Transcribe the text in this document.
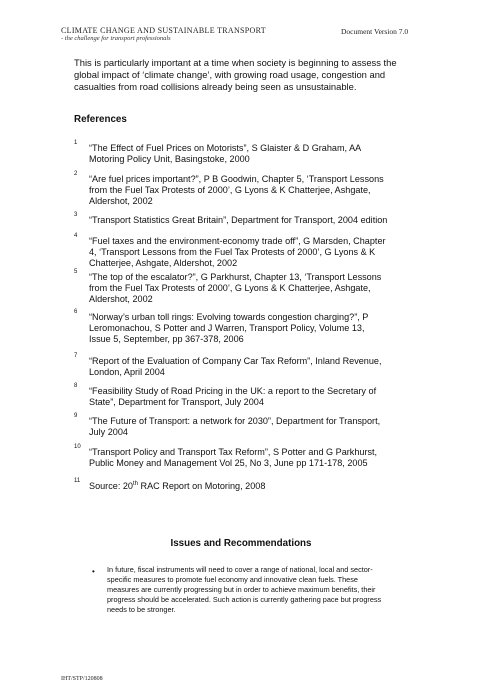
CLIMATE CHANGE AND SUSTAINABLE TRANSPORT
- the challenge for transport professionals
Document Version 7.0
This is particularly important at a time when society is beginning to assess the
global impact of ‘climate change’, with growing road usage, congestion and
casualties from road collisions already being seen as unsustainable.
References
1 “The Effect of Fuel Prices on Motorists”, S Glaister & D Graham, AA
Motoring Policy Unit, Basingstoke, 2000
2 “Are fuel prices important?”, P B Goodwin, Chapter 5, ‘Transport Lessons
from the Fuel Tax Protests of 2000’, G Lyons & K Chatterjee, Ashgate,
Aldershot, 2002
3 “Transport Statistics Great Britain”, Department for Transport, 2004 edition
4 “Fuel taxes and the environment-economy trade off”, G Marsden, Chapter
4, ‘Transport Lessons from the Fuel Tax Protests of 2000’, G Lyons & K
Chatterjee, Ashgate, Aldershot, 2002
5 “The top of the escalator?”, G Parkhurst, Chapter 13, ‘Transport Lessons
from the Fuel Tax Protests of 2000’, G Lyons & K Chatterjee, Ashgate,
Aldershot, 2002
6 “Norway’s urban toll rings: Evolving towards congestion charging?”, P
Leromonachou, S Potter and J Warren, Transport Policy, Volume 13,
Issue 5, September, pp 367-378, 2006
7 “Report of the Evaluation of Company Car Tax Reform”, Inland Revenue,
London, April 2004
8 “Feasibility Study of Road Pricing in the UK: a report to the Secretary of
State”, Department for Transport, July 2004
9 “The Future of Transport: a network for 2030”, Department for Transport,
July 2004
10 “Transport Policy and Transport Tax Reform”, S Potter and G Parkhurst,
Public Money and Management Vol 25, No 3, June pp 171-178, 2005
11 Source: 20th RAC Report on Motoring, 2008
Issues and Recommendations
• In future, fiscal instruments will need to cover a range of national, local and sector-
specific measures to promote fuel economy and innovative clean fuels. These
measures are currently progressing but in order to achieve maximum benefits, their
progress should be accelerated. Such action is currently gathering pace but progress
needs to be stronger.
IHT/STP/120808
